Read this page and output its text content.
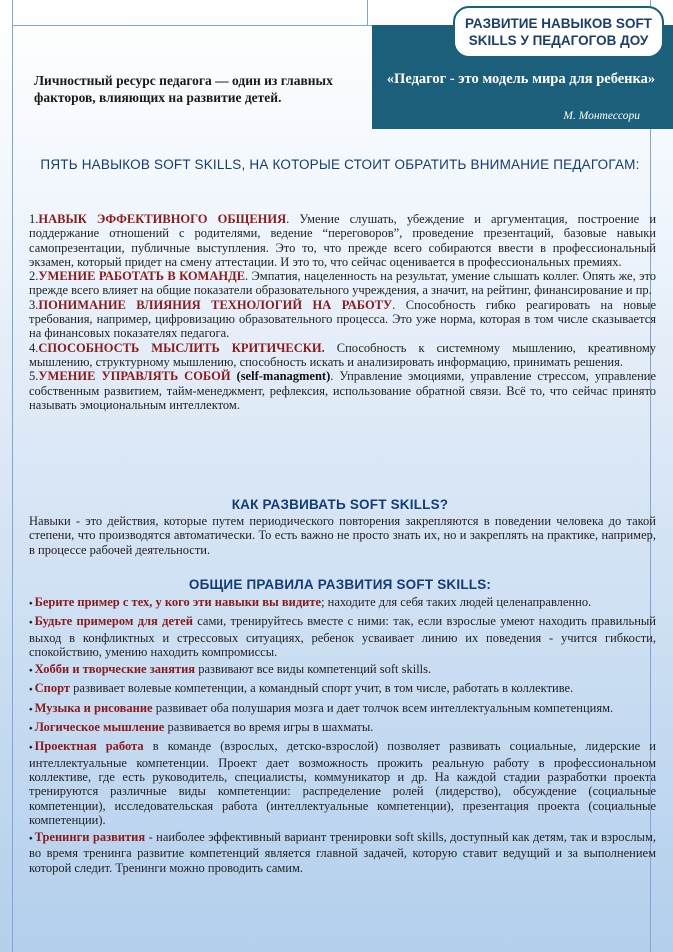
РАЗВИТИЕ НАВЫКОВ SOFT SKILLS У ПЕДАГОГОВ ДОУ
«Педагог - это модель мира для ребенка»
М. Монтессори
Личностный ресурс педагога — один из главных факторов, влияющих на развитие детей.
ПЯТЬ НАВЫКОВ SOFT SKILLS, НА КОТОРЫЕ СТОИТ ОБРАТИТЬ ВНИМАНИЕ ПЕДАГОГАМ:

1.НАВЫК ЭФФЕКТИВНОГО ОБЩЕНИЯ. Умение слушать, убеждение и аргументация, построение и поддержание отношений с родителями, ведение “переговоров”, проведение презентаций, базовые навыки самопрезентации, публичные выступления. Это то, что прежде всего собираются ввести в профессиональный экзамен, который придет на смену аттестации. И это то, что сейчас оценивается в профессиональных премиях.

2.УМЕНИЕ РАБОТАТЬ В КОМАНДЕ. Эмпатия, нацеленность на результат, умение слышать коллег. Опять же, это прежде всего влияет на общие показатели образовательного учреждения, а значит, на рейтинг, финансирование и пр.

3.ПОНИМАНИЕ ВЛИЯНИЯ ТЕХНОЛОГИЙ НА РАБОТУ. Способность гибко реагировать на новые требования, например, цифровизацию образовательного процесса. Это уже норма, которая в том числе сказывается на финансовых показателях педагога.

4.СПОСОБНОСТЬ МЫСЛИТЬ КРИТИЧЕСКИ. Способность к системному мышлению, креативному мышлению, структурному мышлению, способность искать и анализировать информацию, принимать решения.

5.УМЕНИЕ УПРАВЛЯТЬ СОБОЙ (self-managment). Управление эмоциями, управление стрессом, управление собственным развитием, тайм-менеджмент, рефлексия, использование обратной связи. Всё то, что сейчас принято называть эмоциональным интеллектом.

КАК РАЗВИВАТЬ SOFT SKILLS?

Навыки - это действия, которые путем периодического повторения закрепляются в поведении человека до такой степени, что производятся автоматически. То есть важно не просто знать их, но и закреплять на практике, например, в процессе рабочей деятельности.

ОБЩИЕ ПРАВИЛА РАЗВИТИЯ SOFT SKILLS:

⬩ Берите пример с тех, у кого эти навыки вы видите; находите для себя таких людей целенаправленно.

⬩ Будьте примером для детей сами, тренируйтесь вместе с ними: так, если взрослые умеют находить правильный выход в конфликтных и стрессовых ситуациях, ребенок усваивает линию их поведения - учится гибкости, спокойствию, умению находить компромиссы.

⬩ Хобби и творческие занятия развивают все виды компетенций soft skills.

⬩ Спорт развивает волевые компетенции, а командный спорт учит, в том числе, работать в коллективе.

⬩ Музыка и рисование развивает оба полушария мозга и дает толчок всем интеллектуальным компетенциям.

⬩ Логическое мышление развивается во время игры в шахматы.

⬩ Проектная работа в команде (взрослых, детско-взрослой) позволяет развивать социальные, лидерские и интеллектуальные компетенции. Проект дает возможность прожить реальную работу в профессиональном коллективе, где есть руководитель, специалисты, коммуникатор и др. На каждой стадии разработки проекта тренируются различные виды компетенции: распределение ролей (лидерство), обсуждение (социальные компетенции), исследовательская работа (интеллектуальные компетенции), презентация проекта (социальные компетенции).

⬩ Тренинги развития - наиболее эффективный вариант тренировки soft skills, доступный как детям, так и взрослым, во время тренинга развитие компетенций является главной задачей, которую ставит ведущий и за выполнением которой следит. Тренинги можно проводить самим.
